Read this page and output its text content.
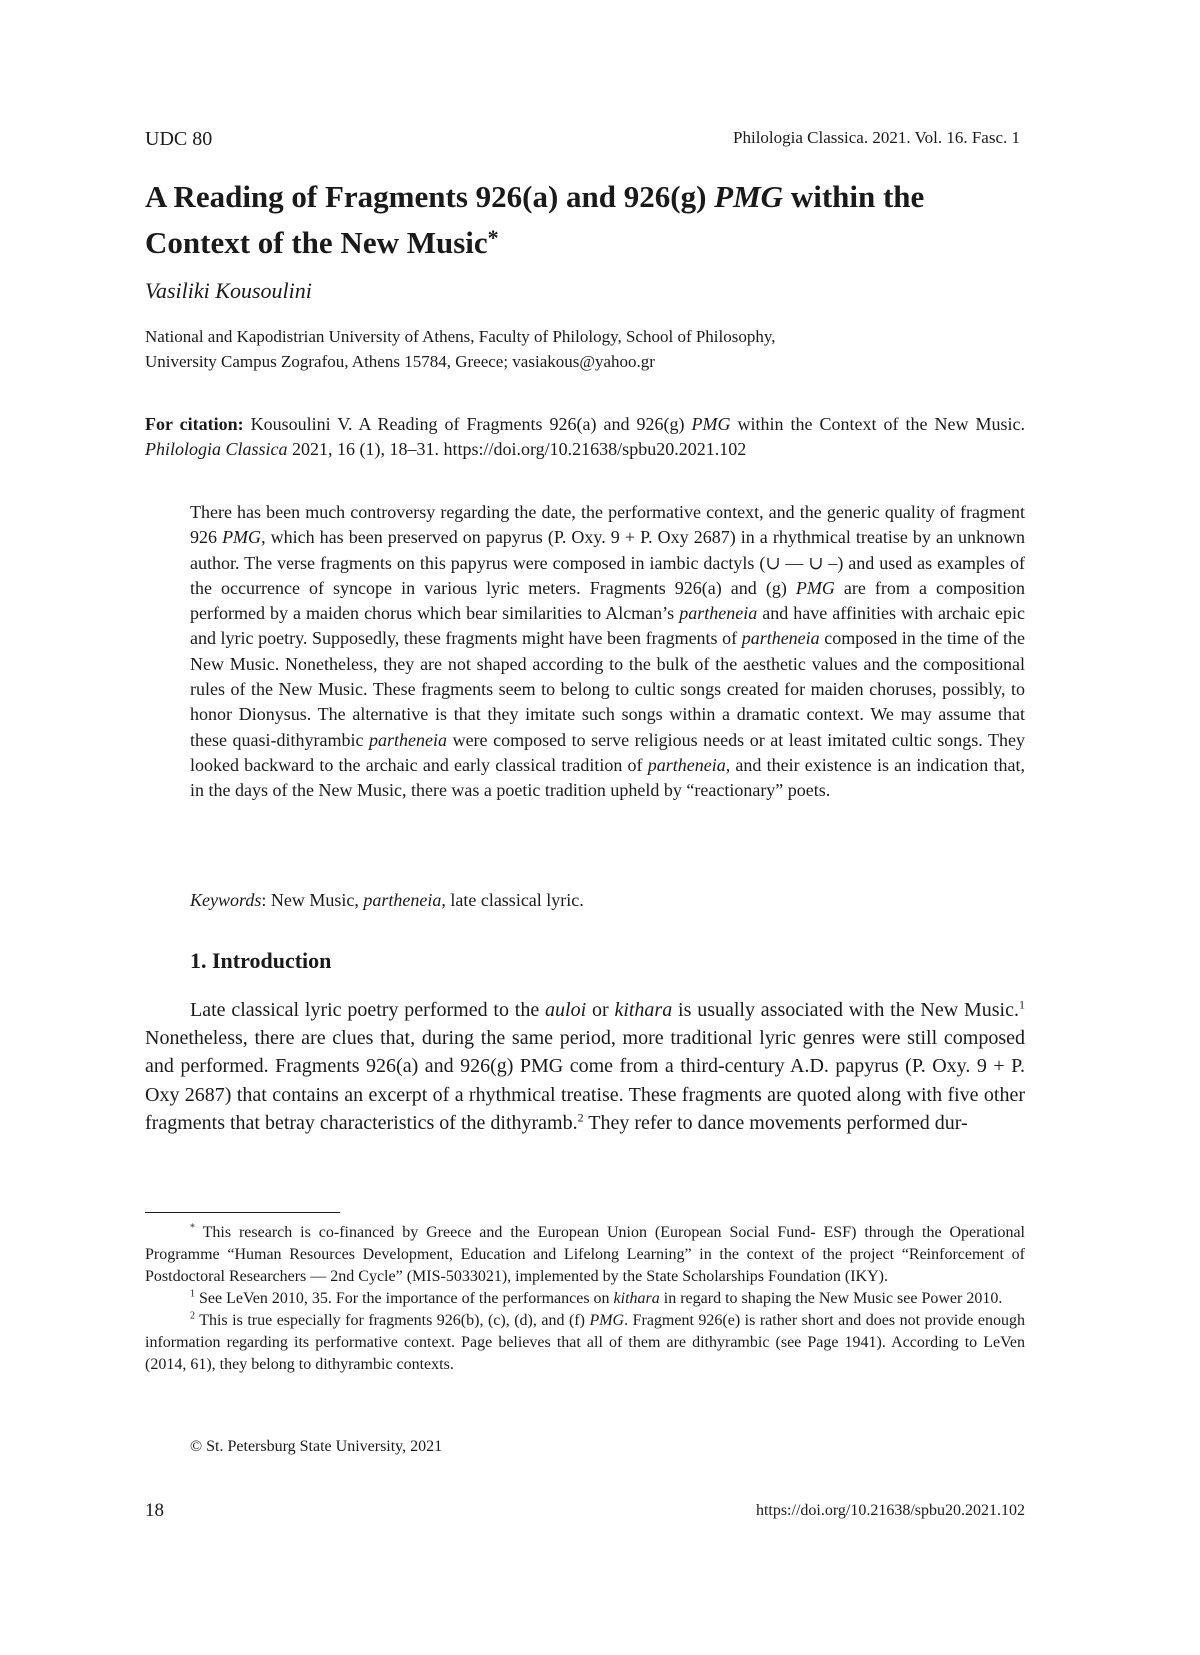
UDC 80	Philologia Classica. 2021. Vol. 16. Fasc. 1
A Reading of Fragments 926(a) and 926(g) PMG within the Context of the New Music*
Vasiliki Kousoulini
National and Kapodistrian University of Athens, Faculty of Philology, School of Philosophy,
University Campus Zografou, Athens 15784, Greece; vasiakous@yahoo.gr
For citation: Kousoulini V. A Reading of Fragments 926(a) and 926(g) PMG within the Context of the New Music. Philologia Classica 2021, 16 (1), 18–31. https://doi.org/10.21638/spbu20.2021.102

There has been much controversy regarding the date, the performative context, and the generic quality of fragment 926 PMG, which has been preserved on papyrus (P. Oxy. 9 + P. Oxy 2687) in a rhythmical treatise by an unknown author. The verse fragments on this papyrus were composed in iambic dactyls (∪ — ∪ –) and used as examples of the occurrence of syncope in various lyric meters. Fragments 926(a) and (g) PMG are from a composition performed by a maiden chorus which bear similarities to Alcman’s partheneia and have affinities with archaic epic and lyric poetry. Supposedly, these fragments might have been fragments of partheneia composed in the time of the New Music. Nonetheless, they are not shaped according to the bulk of the aesthetic values and the compositional rules of the New Music. These fragments seem to belong to cultic songs created for maiden choruses, possibly, to honor Dionysus. The alternative is that they imitate such songs within a dramatic context. We may assume that these quasi-dithyrambic partheneia were composed to serve religious needs or at least imitated cultic songs. They looked backward to the archaic and early classical tradition of partheneia, and their existence is an indication that, in the days of the New Music, there was a poetic tradition upheld by “reactionary” poets.

Keywords: New Music, partheneia, late classical lyric.
1. Introduction

Late classical lyric poetry performed to the auloi or kithara is usually associated with the New Music.$^1$ Nonetheless, there are clues that, during the same period, more traditional lyric genres were still composed and performed. Fragments 926(a) and 926(g) PMG come from a third-century A.D. papyrus (P. Oxy. 9 + P. Oxy 2687) that contains an excerpt of a rhythmical treatise. These fragments are quoted along with five other fragments that betray characteristics of the dithyramb.$^2$ They refer to dance movements performed dur-

* This research is co-financed by Greece and the European Union (European Social Fund- ESF) through the Operational Programme “Human Resources Development, Education and Lifelong Learning” in the context of the project “Reinforcement of Postdoctoral Researchers — 2nd Cycle” (MIS-5033021), implemented by the State Scholarships Foundation (IKY).

$^1$ See LeVen 2010, 35. For the importance of the performances on kithara in regard to shaping the New Music see Power 2010.

$^2$ This is true especially for fragments 926(b), (c), (d), and (f) PMG. Fragment 926(e) is rather short and does not provide enough information regarding its performative context. Page believes that all of them are dithyrambic (see Page 1941). According to LeVen (2014, 61), they belong to dithyrambic contexts.

© St. Petersburg State University, 2021
18	https://doi.org/10.21638/spbu20.2021.102
